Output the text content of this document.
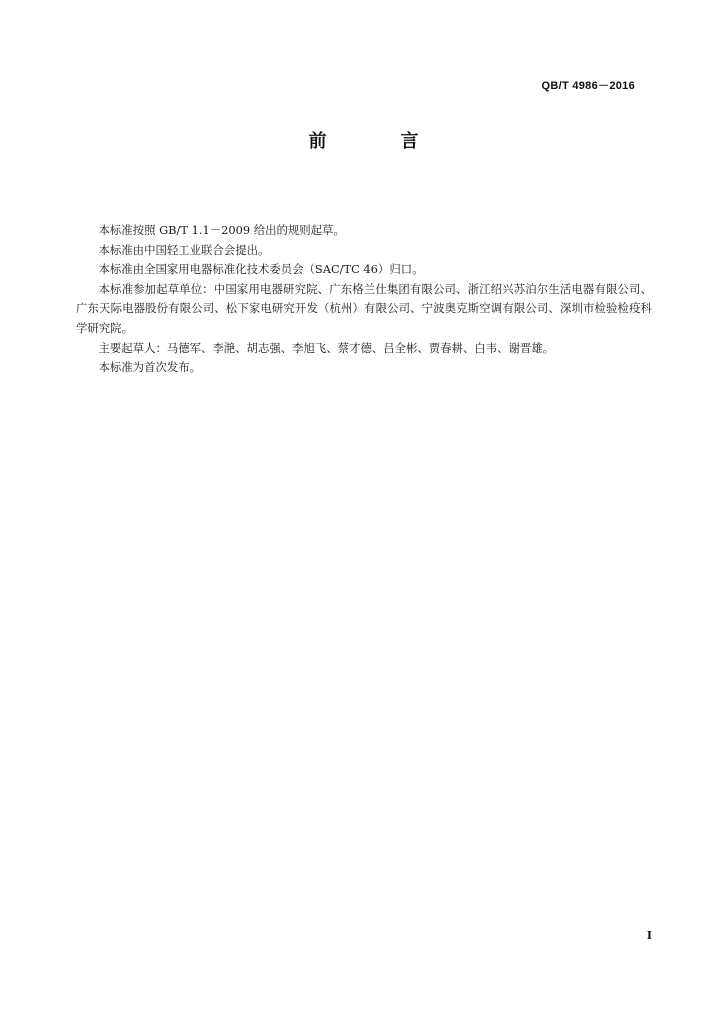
QB/T 4986－2016
前　言

本标准按照 GB/T 1.1－2009 给出的规则起草。

本标准由中国轻工业联合会提出。

本标准由全国家用电器标准化技术委员会（SAC/TC 46）归口。

本标准参加起草单位：中国家用电器研究院、广东格兰仕集团有限公司、浙江绍兴苏泊尔生活电器有限公司、广东天际电器股份有限公司、松下家电研究开发（杭州）有限公司、宁波奥克斯空调有限公司、深圳市检验检疫科学研究院。

主要起草人：马德军、李滟、胡志强、李旭飞、蔡才德、吕全彬、贾春耕、白韦、谢晋雄。

本标准为首次发布。

I
